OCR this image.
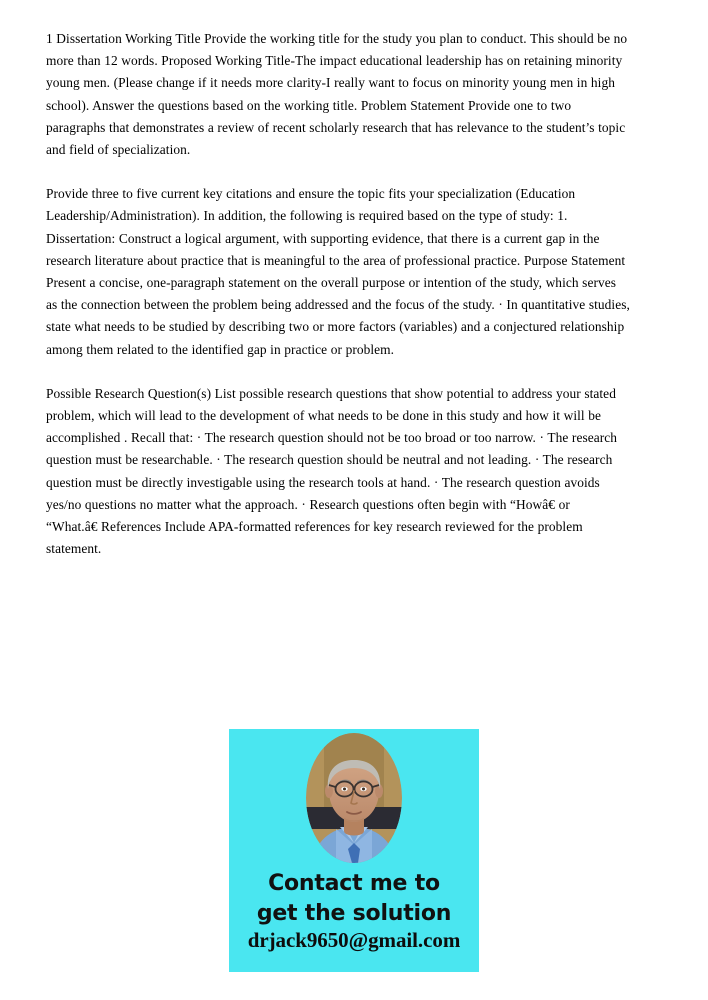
1 Dissertation Working Title Provide the working title for the study you plan to conduct. This should be no more than 12 words. Proposed Working Title-The impact educational leadership has on retaining minority young men. (Please change if it needs more clarity-I really want to focus on minority young men in high school). Answer the questions based on the working title. Problem Statement Provide one to two paragraphs that demonstrates a review of recent scholarly research that has relevance to the student’s topic and field of specialization.

Provide three to five current key citations and ensure the topic fits your specialization (Education Leadership/Administration). In addition, the following is required based on the type of study: 1. Dissertation: Construct a logical argument, with supporting evidence, that there is a current gap in the research literature about practice that is meaningful to the area of professional practice. Purpose Statement Present a concise, one-paragraph statement on the overall purpose or intention of the study, which serves as the connection between the problem being addressed and the focus of the study. · In quantitative studies, state what needs to be studied by describing two or more factors (variables) and a conjectured relationship among them related to the identified gap in practice or problem.

Possible Research Question(s) List possible research questions that show potential to address your stated problem, which will lead to the development of what needs to be done in this study and how it will be accomplished . Recall that: · The research question should not be too broad or too narrow. · The research question must be researchable. · The research question should be neutral and not leading. · The research question must be directly investigable using the research tools at hand. · The research question avoids yes/no questions no matter what the approach. · Research questions often begin with “Howâ€ or “What.â€ References Include APA-formatted references for key research reviewed for the problem statement.

Contact me to
get the solution
drjack9650@gmail.com
